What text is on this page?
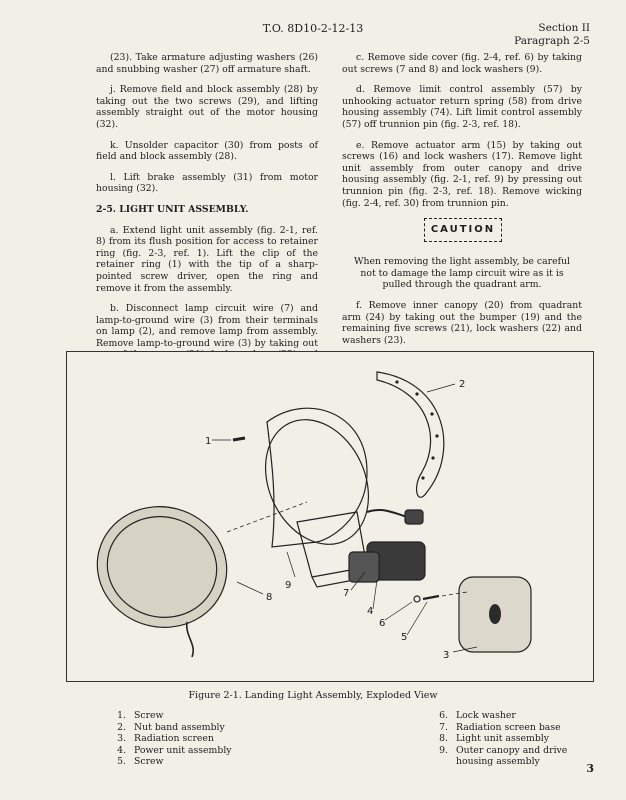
T.O. 8D10-2-12-13	Section II
Paragraph 2-5

(23). Take armature adjusting washers (26) and snubbing washer (27) off armature shaft.

j. Remove field and block assembly (28) by taking out the two screws (29), and lifting assembly straight out of the motor housing (32).

k. Unsolder capacitor (30) from posts of field and block assembly (28).

l. Lift brake assembly (31) from motor housing (32).

2-5. LIGHT UNIT ASSEMBLY.

a. Extend light unit assembly (fig. 2-1, ref. 8) from its flush position for access to retainer ring (fig. 2-3, ref. 1). Lift the clip of the retainer ring (1) with the tip of a sharp-pointed screw driver, open the ring and remove it from the assembly.

b. Disconnect lamp circuit wire (7) and lamp-to-ground wire (3) from their terminals on lamp (2), and remove lamp from assembly. Remove lamp-to-ground wire (3) by taking out

c. Remove side cover (fig. 2-4, ref. 6) by taking out screws (7 and 8) and lock washers (9).

d. Remove limit control assembly (57) by unhooking actuator return spring (58) from drive housing assembly (74). Lift limit control assembly (57) off trunnion pin (fig. 2-3, ref. 18).

e. Remove actuator arm (15) by taking out screws (16) and lock washers (17). Remove light unit assembly from outer canopy and drive housing assembly (fig. 2-1, ref. 9) by pressing out trunnion pin (fig. 2-3, ref. 18). Remove wicking (fig. 2-4, ref. 30) from trunnion pin.

CAUTION

When removing the light assembly, be careful not to damage the lamp circuit wire as it is pulled through the quadrant arm.

f. Remove inner canopy (20) from quadrant arm (24) by taking out the bumper (19) and the remaining five screws (21), lock washers (22) and washers (23).

1
2
3
4
5
6
7
8
9
Figure 2-1. Landing Light Assembly, Exploded View
1. Screw
2. Nut band assembly
3. Radiation screen
4. Power unit assembly
5. Screw
6. Lock washer
7. Radiation screen base
8. Light unit assembly
9. Outer canopy and drive housing assembly
3
